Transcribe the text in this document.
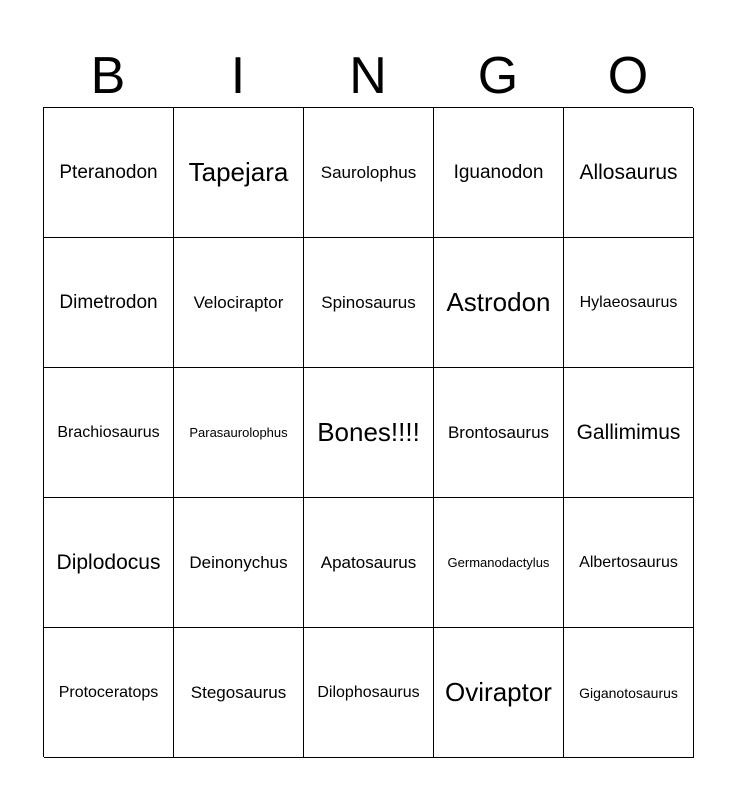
B	I	N	G	O
Pteranodon Tapejara Saurolophus Iguanodon Allosaurus
Dimetrodon Velociraptor Spinosaurus Astrodon Hylaeosaurus
Brachiosaurus Parasaurolophus Bones!!!! Brontosaurus Gallimimus
Diplodocus Deinonychus Apatosaurus Germanodactylus Albertosaurus
Protoceratops Stegosaurus Dilophosaurus Oviraptor Giganotosaurus
